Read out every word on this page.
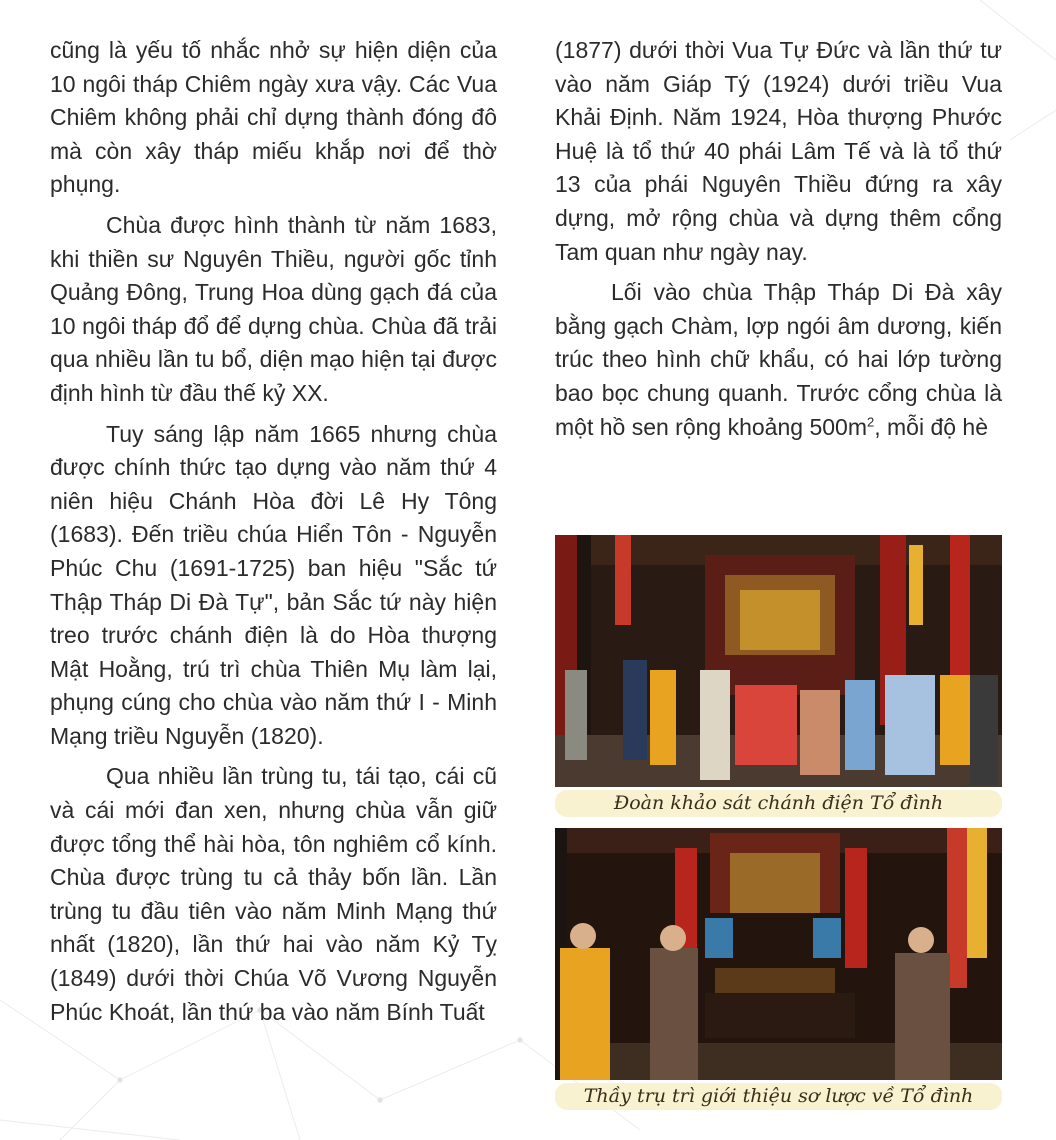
cũng là yếu tố nhắc nhở sự hiện diện của 10 ngôi tháp Chiêm ngày xưa vậy. Các Vua Chiêm không phải chỉ dựng thành đóng đô mà còn xây tháp miếu khắp nơi để thờ phụng.

Chùa được hình thành từ năm 1683, khi thiền sư Nguyên Thiều, người gốc tỉnh Quảng Đông, Trung Hoa dùng gạch đá của 10 ngôi tháp đổ để dựng chùa. Chùa đã trải qua nhiều lần tu bổ, diện mạo hiện tại được định hình từ đầu thế kỷ XX.

Tuy sáng lập năm 1665 nhưng chùa được chính thức tạo dựng vào năm thứ 4 niên hiệu Chánh Hòa đời Lê Hy Tông (1683). Đến triều chúa Hiển Tôn - Nguyễn Phúc Chu (1691-1725) ban hiệu "Sắc tứ Thập Tháp Di Đà Tự", bản Sắc tứ này hiện treo trước chánh điện là do Hòa thượng Mật Hoằng, trú trì chùa Thiên Mụ làm lại, phụng cúng cho chùa vào năm thứ I - Minh Mạng triều Nguyễn (1820).

Qua nhiều lần trùng tu, tái tạo, cái cũ và cái mới đan xen, nhưng chùa vẫn giữ được tổng thể hài hòa, tôn nghiêm cổ kính. Chùa được trùng tu cả thảy bốn lần. Lần trùng tu đầu tiên vào năm Minh Mạng thứ nhất (1820), lần thứ hai vào năm Kỷ Tỵ (1849) dưới thời Chúa Võ Vương Nguyễn Phúc Khoát, lần thứ ba vào năm Bính Tuất

(1877) dưới thời Vua Tự Đức và lần thứ tư vào năm Giáp Tý (1924) dưới triều Vua Khải Định. Năm 1924, Hòa thượng Phước Huệ là tổ thứ 40 phái Lâm Tế và là tổ thứ 13 của phái Nguyên Thiều đứng ra xây dựng, mở rộng chùa và dựng thêm cổng Tam quan như ngày nay.

Lối vào chùa Thập Tháp Di Đà xây bằng gạch Chàm, lợp ngói âm dương, kiến trúc theo hình chữ khẩu, có hai lớp tường bao bọc chung quanh. Trước cổng chùa là một hồ sen rộng khoảng $500m^2$, mỗi độ hè

Đoàn khảo sát chánh điện Tổ đình
Thầy trụ trì giới thiệu sơ lược về Tổ đình
